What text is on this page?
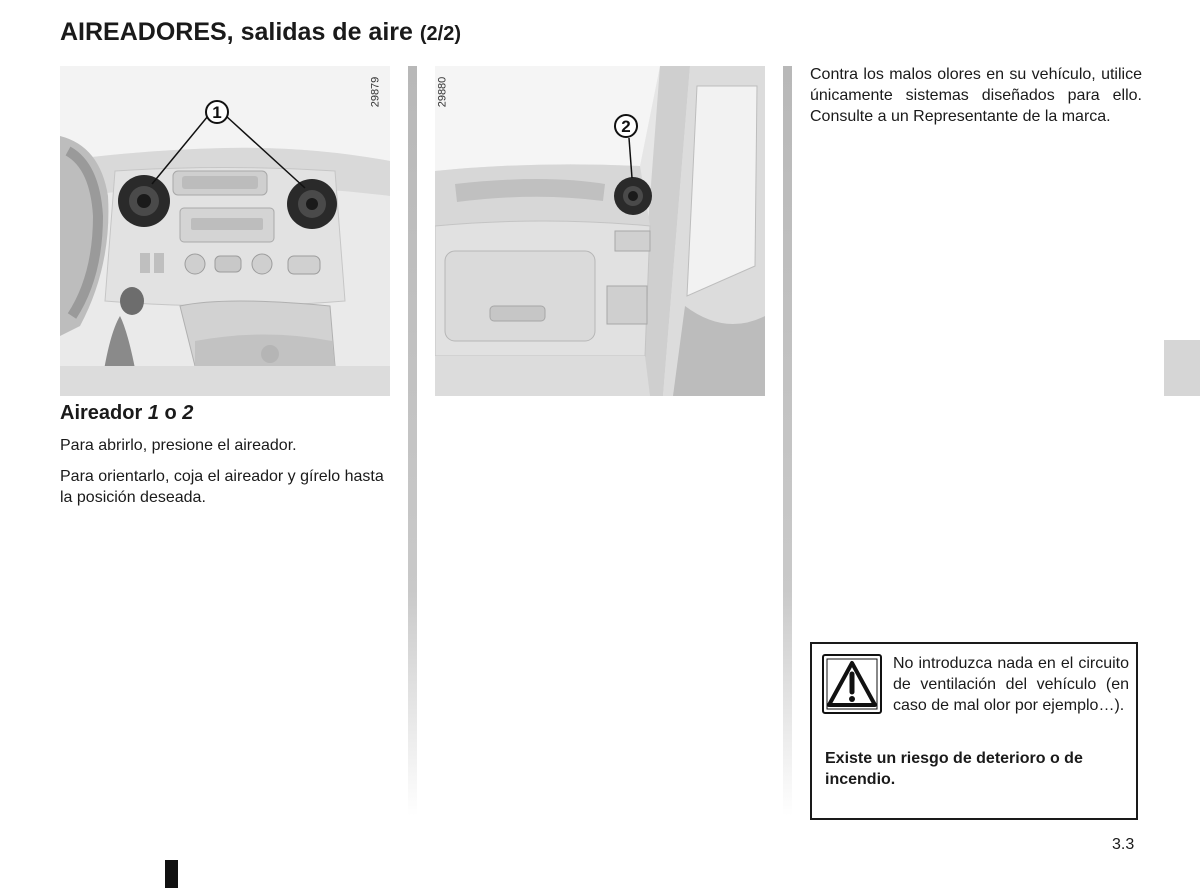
AIREADORES, salidas de aire (2/2)
1
29879
2
29880
Aireador 1 o 2

Para abrirlo, presione el aireador.

Para orientarlo, coja el aireador y gírelo hasta la posición deseada.

Contra los malos olores en su vehículo, utilice únicamente sistemas diseñados para ello. Consulte a un Representante de la marca.

No introduzca nada en el circuito de ventilación del vehículo (en caso de mal olor por ejemplo…).

Existe un riesgo de deterioro o de incendio.

3.3
